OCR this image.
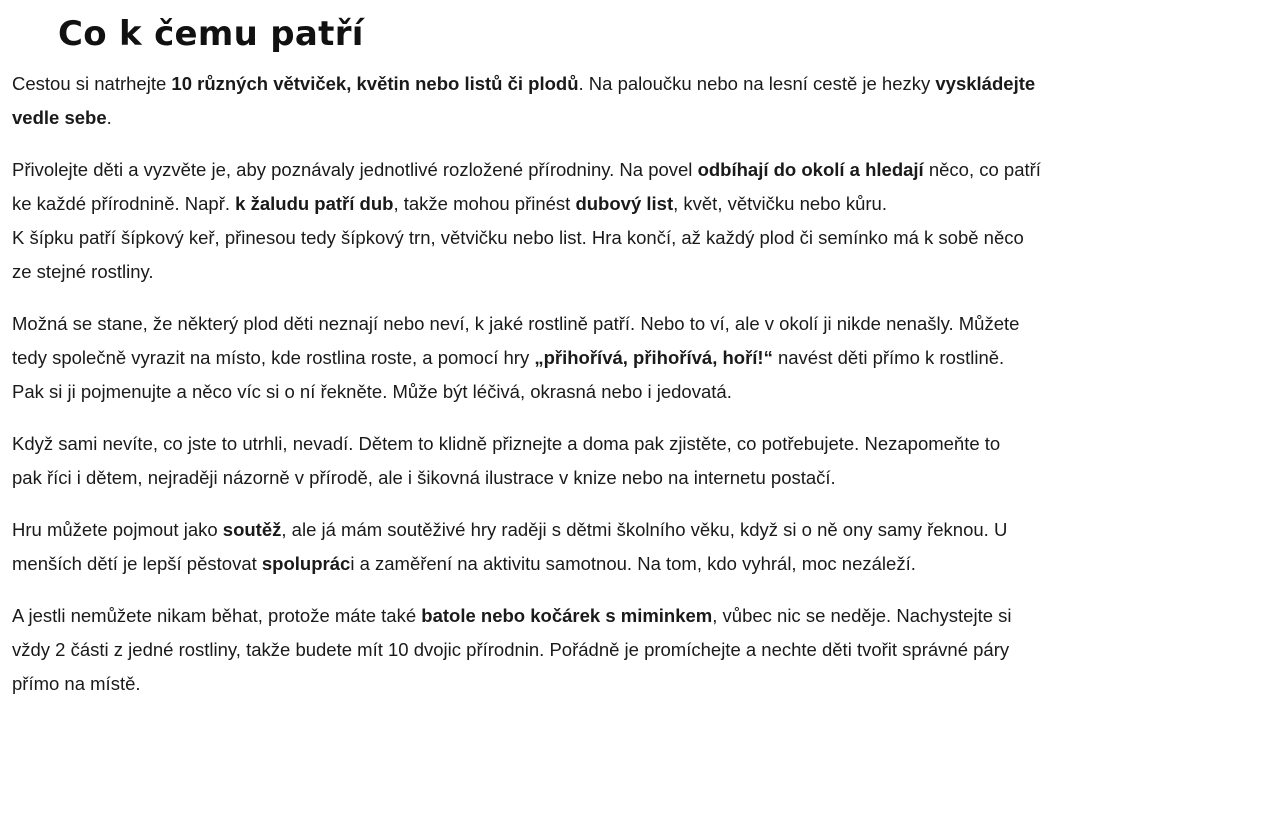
Co k čemu patří

Cestou si natrhejte 10 různých větviček, květin nebo listů či plodů. Na paloučku nebo na lesní cestě je hezky vyskládejte
vedle sebe.

Přivolejte děti a vyzvěte je, aby poznávaly jednotlivé rozložené přírodniny. Na povel odbíhají do okolí a hledají něco, co patří
ke každé přírodnině. Např. k žaludu patří dub, takže mohou přinést dubový list, květ, větvičku nebo kůru.
K šípku patří šípkový keř, přinesou tedy šípkový trn, větvičku nebo list. Hra končí, až každý plod či semínko má k sobě něco
ze stejné rostliny.

Možná se stane, že některý plod děti neznají nebo neví, k jaké rostlině patří. Nebo to ví, ale v okolí ji nikde nenašly. Můžete
tedy společně vyrazit na místo, kde rostlina roste, a pomocí hry „přihořívá, přihořívá, hoří!“ navést děti přímo k rostlině.
Pak si ji pojmenujte a něco víc si o ní řekněte. Může být léčivá, okrasná nebo i jedovatá.

Když sami nevíte, co jste to utrhli, nevadí. Dětem to klidně přiznejte a doma pak zjistěte, co potřebujete. Nezapomeňte to
pak říci i dětem, nejraději názorně v přírodě, ale i šikovná ilustrace v knize nebo na internetu postačí.

Hru můžete pojmout jako soutěž, ale já mám soutěživé hry raději s dětmi školního věku, když si o ně ony samy řeknou. U
menších dětí je lepší pěstovat spolupráci a zaměření na aktivitu samotnou. Na tom, kdo vyhrál, moc nezáleží.

A jestli nemůžete nikam běhat, protože máte také batole nebo kočárek s miminkem, vůbec nic se neděje. Nachystejte si
vždy 2 části z jedné rostliny, takže budete mít 10 dvojic přírodnin. Pořádně je promíchejte a nechte děti tvořit správné páry
přímo na místě.
